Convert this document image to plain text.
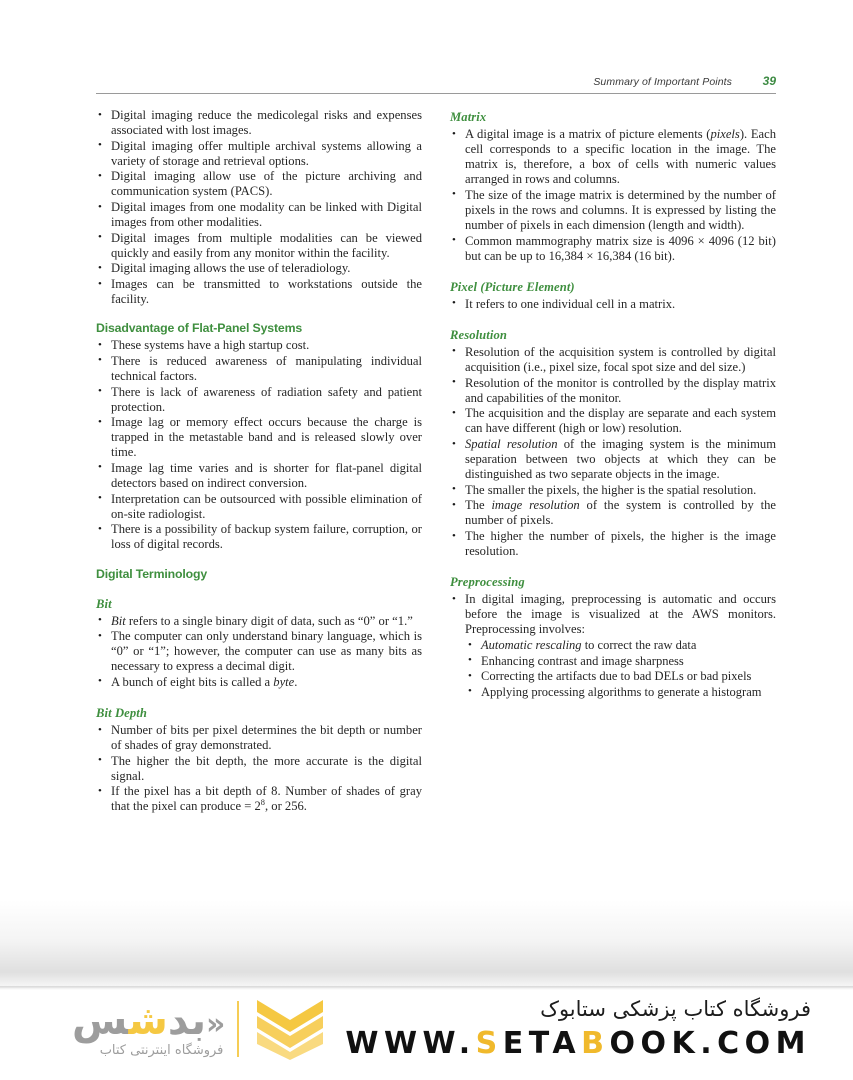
Summary of Important Points	39
• Digital imaging reduce the medicolegal risks and expenses associated with lost images.
• Digital imaging offer multiple archival systems allowing a variety of storage and retrieval options.
• Digital imaging allow use of the picture archiving and communication system (PACS).
• Digital images from one modality can be linked with Digital images from other modalities.
• Digital images from multiple modalities can be viewed quickly and easily from any monitor within the facility.
• Digital imaging allows the use of teleradiology.
• Images can be transmitted to workstations outside the facility.
Disadvantage of Flat-Panel Systems
• These systems have a high startup cost.
• There is reduced awareness of manipulating individual technical factors.
• There is lack of awareness of radiation safety and patient protection.
• Image lag or memory effect occurs because the charge is trapped in the metastable band and is released slowly over time.
• Image lag time varies and is shorter for flat-panel digital detectors based on indirect conversion.
• Interpretation can be outsourced with possible elimination of on-site radiologist.
• There is a possibility of backup system failure, corruption, or loss of digital records.
Digital Terminology
Bit
• Bit refers to a single binary digit of data, such as “0” or “1.”
• The computer can only understand binary language, which is “0” or “1”; however, the computer can use as many bits as necessary to express a decimal digit.
• A bunch of eight bits is called a byte.
Bit Depth
• Number of bits per pixel determines the bit depth or number of shades of gray demonstrated.
• The higher the bit depth, the more accurate is the digital signal.
• If the pixel has a bit depth of 8. Number of shades of gray that the pixel can produce = $2^8$, or 256.
Matrix
• A digital image is a matrix of picture elements (pixels). Each cell corresponds to a specific location in the image. The matrix is, therefore, a box of cells with numeric values arranged in rows and columns.
• The size of the image matrix is determined by the number of pixels in the rows and columns. It is expressed by listing the number of pixels in each dimension (length and width).
• Common mammography matrix size is 4096 × 4096 (12 bit) but can be up to 16,384 × 16,384 (16 bit).
Pixel (Picture Element)
• It refers to one individual cell in a matrix.
Resolution
• Resolution of the acquisition system is controlled by digital acquisition (i.e., pixel size, focal spot size and del size.)
• Resolution of the monitor is controlled by the display matrix and capabilities of the monitor.
• The acquisition and the display are separate and each system can have different (high or low) resolution.
• Spatial resolution of the imaging system is the minimum separation between two objects at which they can be distinguished as two separate objects in the image.
• The smaller the pixels, the higher is the spatial resolution.
• The image resolution of the system is controlled by the number of pixels.
• The higher the number of pixels, the higher is the image resolution.
Preprocessing
• In digital imaging, preprocessing is automatic and occurs before the image is visualized at the AWS monitors. Preprocessing involves:
• Automatic rescaling to correct the raw data
• Enhancing contrast and image sharpness
• Correcting the artifacts due to bad DELs or bad pixels
• Applying processing algorithms to generate a histogram
«بدشس
فروشگاه اینترنتی کتاب
فروشگاه کتاب پزشکی ستابوک
WWW.SETABOOK.COM
